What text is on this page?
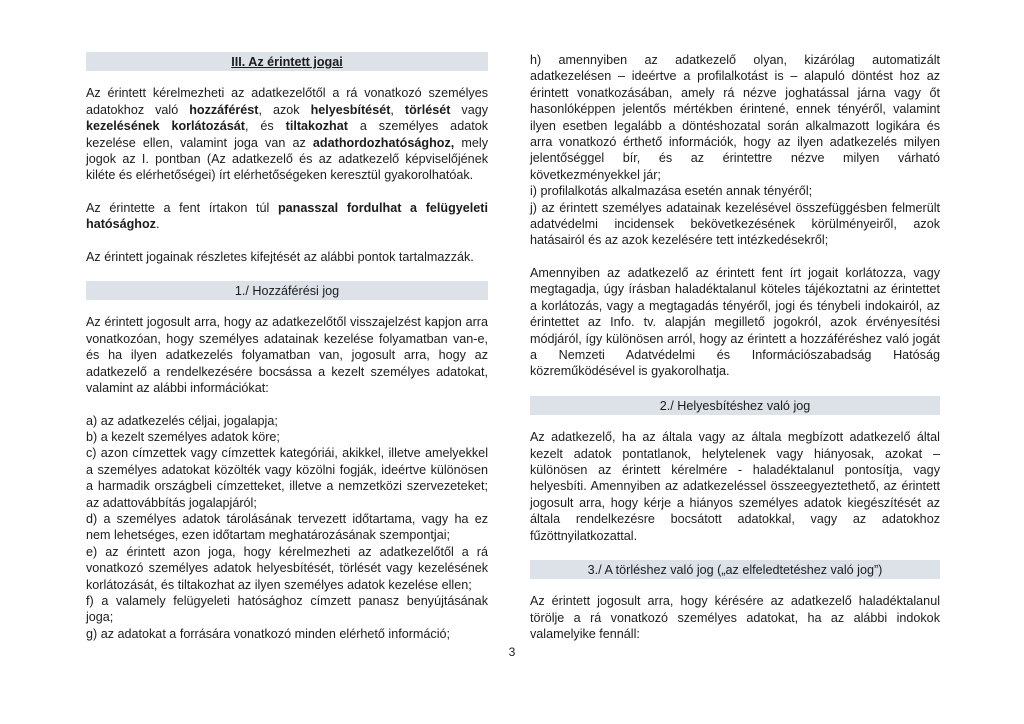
III. Az érintett jogai

Az érintett kérelmezheti az adatkezelőtől a rá vonatkozó személyes adatokhoz való hozzáférést, azok helyesbítését, törlését vagy kezelésének korlátozását, és tiltakozhat a személyes adatok kezelése ellen, valamint joga van az adathordozhatósághoz, mely jogok az I. pontban (Az adatkezelő és az adatkezelő képviselőjének kiléte és elérhetőségei) írt elérhetőségeken keresztül gyakorolhatóak.

Az érintette a fent írtakon túl panasszal fordulhat a felügyeleti hatósághoz.

Az érintett jogainak részletes kifejtését az alábbi pontok tartalmazzák.

1./ Hozzáférési jog

Az érintett jogosult arra, hogy az adatkezelőtől visszajelzést kapjon arra vonatkozóan, hogy személyes adatainak kezelése folyamatban van-e, és ha ilyen adatkezelés folyamatban van, jogosult arra, hogy az adatkezelő a rendelkezésére bocsássa a kezelt személyes adatokat, valamint az alábbi információkat:

a) az adatkezelés céljai, jogalapja;

b) a kezelt személyes adatok köre;

c) azon címzettek vagy címzettek kategóriái, akikkel, illetve amelyekkel a személyes adatokat közölték vagy közölni fogják, ideértve különösen a harmadik országbeli címzetteket, illetve a nemzetközi szervezeteket; az adattovábbítás jogalapjáról;

d) a személyes adatok tárolásának tervezett időtartama, vagy ha ez nem lehetséges, ezen időtartam meghatározásának szempontjai;

e) az érintett azon joga, hogy kérelmezheti az adatkezelőtől a rá vonatkozó személyes adatok helyesbítését, törlését vagy kezelésének korlátozását, és tiltakozhat az ilyen személyes adatok kezelése ellen;

f) a valamely felügyeleti hatósághoz címzett panasz benyújtásának joga;

g) az adatokat a forrására vonatkozó minden elérhető információ;

h) amennyiben az adatkezelő olyan, kizárólag automatizált adatkezelésen – ideértve a profilalkotást is – alapuló döntést hoz az érintett vonatkozásában, amely rá nézve joghatással járna vagy őt hasonlóképpen jelentős mértékben érintené, ennek tényéről, valamint ilyen esetben legalább a döntéshozatal során alkalmazott logikára és arra vonatkozó érthető információk, hogy az ilyen adatkezelés milyen jelentőséggel bír, és az érintettre nézve milyen várható következményekkel jár;

i) profilalkotás alkalmazása esetén annak tényéről;

j) az érintett személyes adatainak kezelésével összefüggésben felmerült adatvédelmi incidensek bekövetkezésének körülményeiről, azok hatásairól és az azok kezelésére tett intézkedésekről;

Amennyiben az adatkezelő az érintett fent írt jogait korlátozza, vagy megtagadja, úgy írásban haladéktalanul köteles tájékoztatni az érintettet a korlátozás, vagy a megtagadás tényéről, jogi és ténybeli indokairól, az érintettet az Info. tv. alapján megillető jogokról, azok érvényesítési módjáról, így különösen arról, hogy az érintett a hozzáféréshez való jogát a Nemzeti Adatvédelmi és Információszabadság Hatóság közreműködésével is gyakorolhatja.

2./ Helyesbítéshez való jog

Az adatkezelő, ha az általa vagy az általa megbízott adatkezelő által kezelt adatok pontatlanok, helytelenek vagy hiányosak, azokat – különösen az érintett kérelmére - haladéktalanul pontosítja, vagy helyesbíti. Amennyiben az adatkezeléssel összeegyeztethető, az érintett jogosult arra, hogy kérje a hiányos személyes adatok kiegészítését az általa rendelkezésre bocsátott adatokkal, vagy az adatokhoz fűzöttnyilatkozattal.

3./ A törléshez való jog („az elfeledtetéshez való jog”)

Az érintett jogosult arra, hogy kérésére az adatkezelő haladéktalanul törölje a rá vonatkozó személyes adatokat, ha az alábbi indokok valamelyike fennáll:

3
